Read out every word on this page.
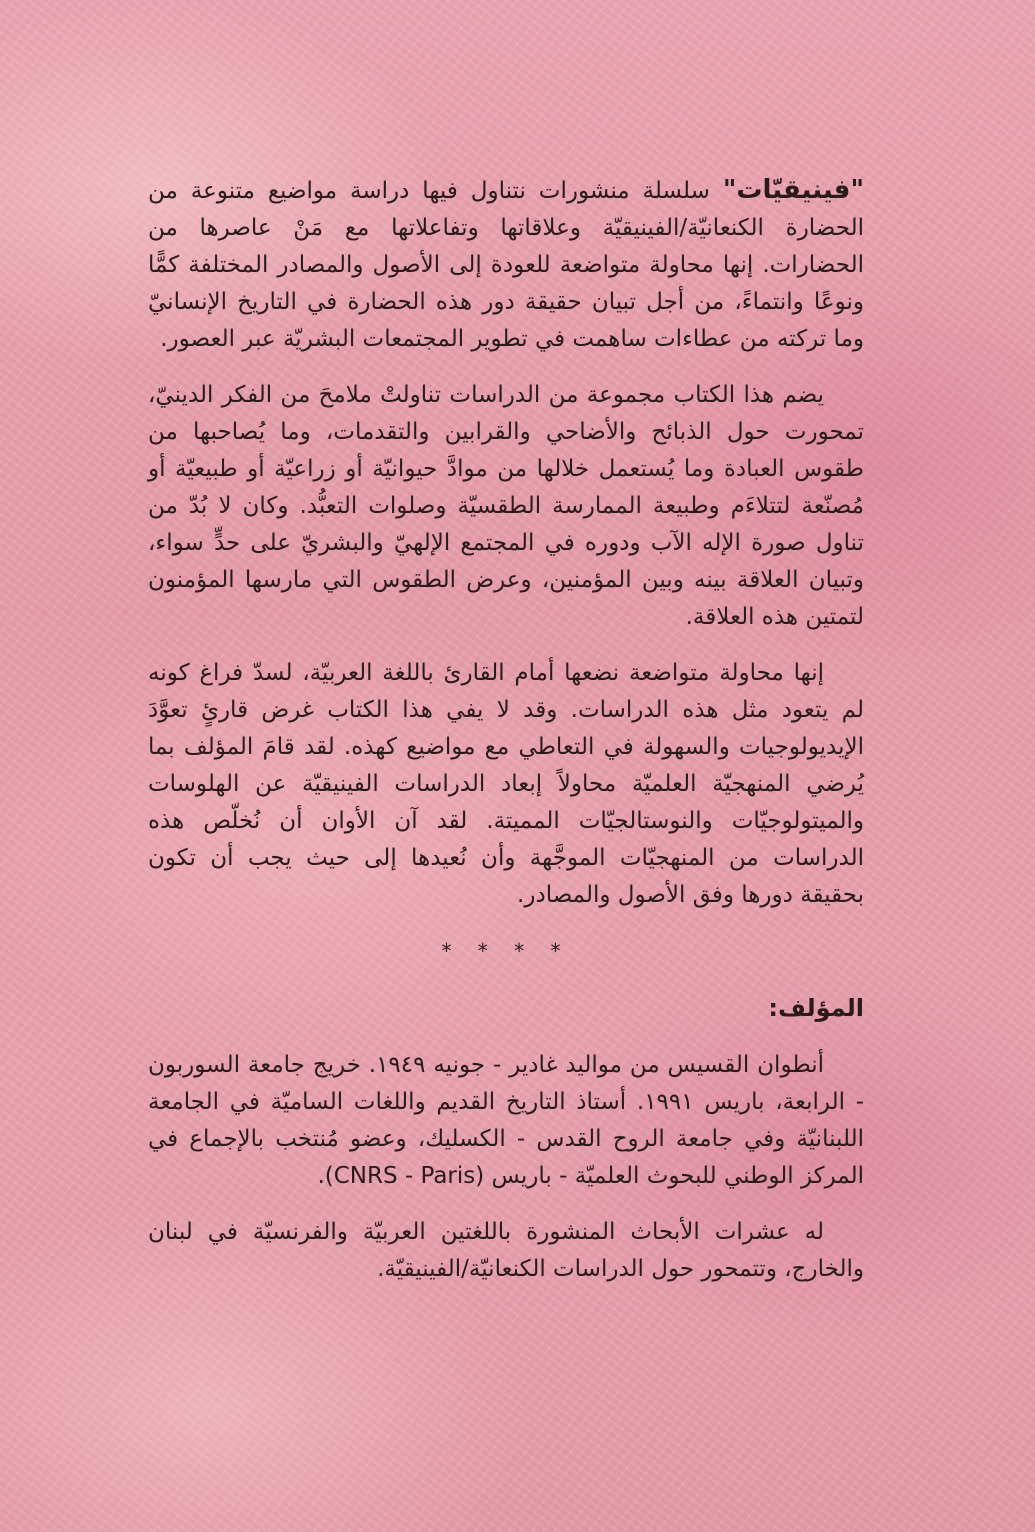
"فينيقيّات" سلسلة منشورات نتناول فيها دراسة مواضيع متنوعة من الحضارة الكنعانيّة/الفينيقيّة وعلاقاتها وتفاعلاتها مع مَنْ عاصرها من الحضارات. إنها محاولة متواضعة للعودة إلى الأصول والمصادر المختلفة كمًّا ونوعًا وانتماءً، من أجل تبيان حقيقة دور هذه الحضارة في التاريخ الإنسانيّ وما تركته من عطاءات ساهمت في تطوير المجتمعات البشريّة عبر العصور.

يضم هذا الكتاب مجموعة من الدراسات تناولتْ ملامحَ من الفكر الدينيّ، تمحورت حول الذبائح والأضاحي والقرابين والتقدمات، وما يُصاحبها من طقوس العبادة وما يُستعمل خلالها من موادَّ حيوانيّة أو زراعيّة أو طبيعيّة أو مُصنّعة لتتلاءَم وطبيعة الممارسة الطقسيّة وصلوات التعبُّد. وكان لا بُدّ من تناول صورة الإله الآب ودوره في المجتمع الإلهيّ والبشريّ على حدٍّ سواء، وتبيان العلاقة بينه وبين المؤمنين، وعرض الطقوس التي مارسها المؤمنون لتمتين هذه العلاقة.

إنها محاولة متواضعة نضعها أمام القارئ باللغة العربيّة، لسدّ فراغ كونه لم يتعود مثل هذه الدراسات. وقد لا يفي هذا الكتاب غرض قارئٍ تعوَّدَ الإيديولوجيات والسهولة في التعاطي مع مواضيع كهذه. لقد قامَ المؤلف بما يُرضي المنهجيّة العلميّة محاولاً إبعاد الدراسات الفينيقيّة عن الهلوسات والميتولوجيّات والنوستالجيّات المميتة. لقد آن الأوان أن نُخلّص هذه الدراسات من المنهجيّات الموجَّهة وأن نُعيدها إلى حيث يجب أن تكون بحقيقة دورها وفق الأصول والمصادر.

* * * *

المؤلف:

أنطوان القسيس من مواليد غادير - جونيه ١٩٤٩. خريج جامعة السوربون - الرابعة، باريس ١٩٩١. أستاذ التاريخ القديم واللغات الساميّة في الجامعة اللبنانيّة وفي جامعة الروح القدس - الكسليك، وعضو مُنتخب بالإجماع في المركز الوطني للبحوث العلميّة - باريس (CNRS - Paris).

له عشرات الأبحاث المنشورة باللغتين العربيّة والفرنسيّة في لبنان والخارج، وتتمحور حول الدراسات الكنعانيّة/الفينيقيّة.
